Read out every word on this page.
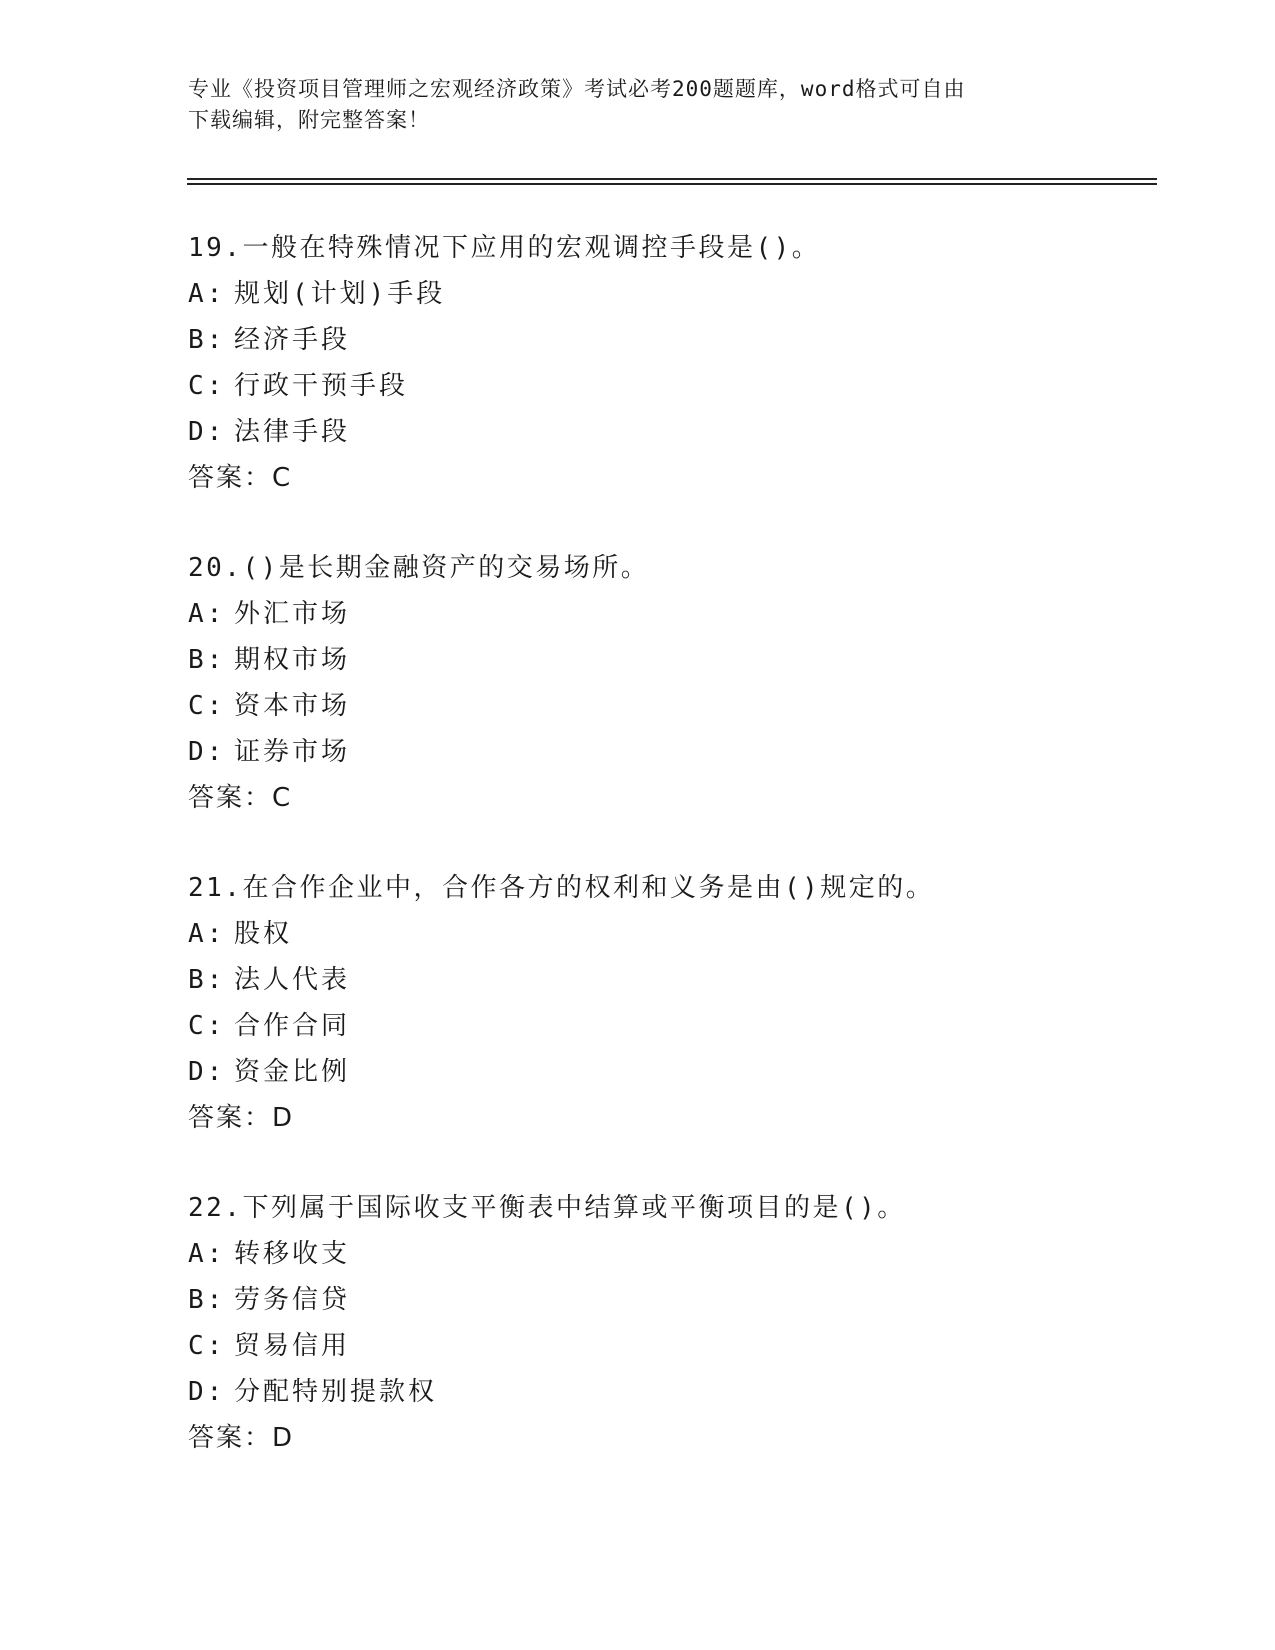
专业《投资项目管理师之宏观经济政策》考试必考200题题库，word格式可自由
下载编辑，附完整答案！
19.一般在特殊情况下应用的宏观调控手段是()。
A: 规划(计划)手段
B: 经济手段
C: 行政干预手段
D: 法律手段
答案：C
20.()是长期金融资产的交易场所。
A: 外汇市场
B: 期权市场
C: 资本市场
D: 证券市场
答案：C
21.在合作企业中，合作各方的权利和义务是由()规定的。
A: 股权
B: 法人代表
C: 合作合同
D: 资金比例
答案：D
22.下列属于国际收支平衡表中结算或平衡项目的是()。
A: 转移收支
B: 劳务信贷
C: 贸易信用
D: 分配特别提款权
答案：D
